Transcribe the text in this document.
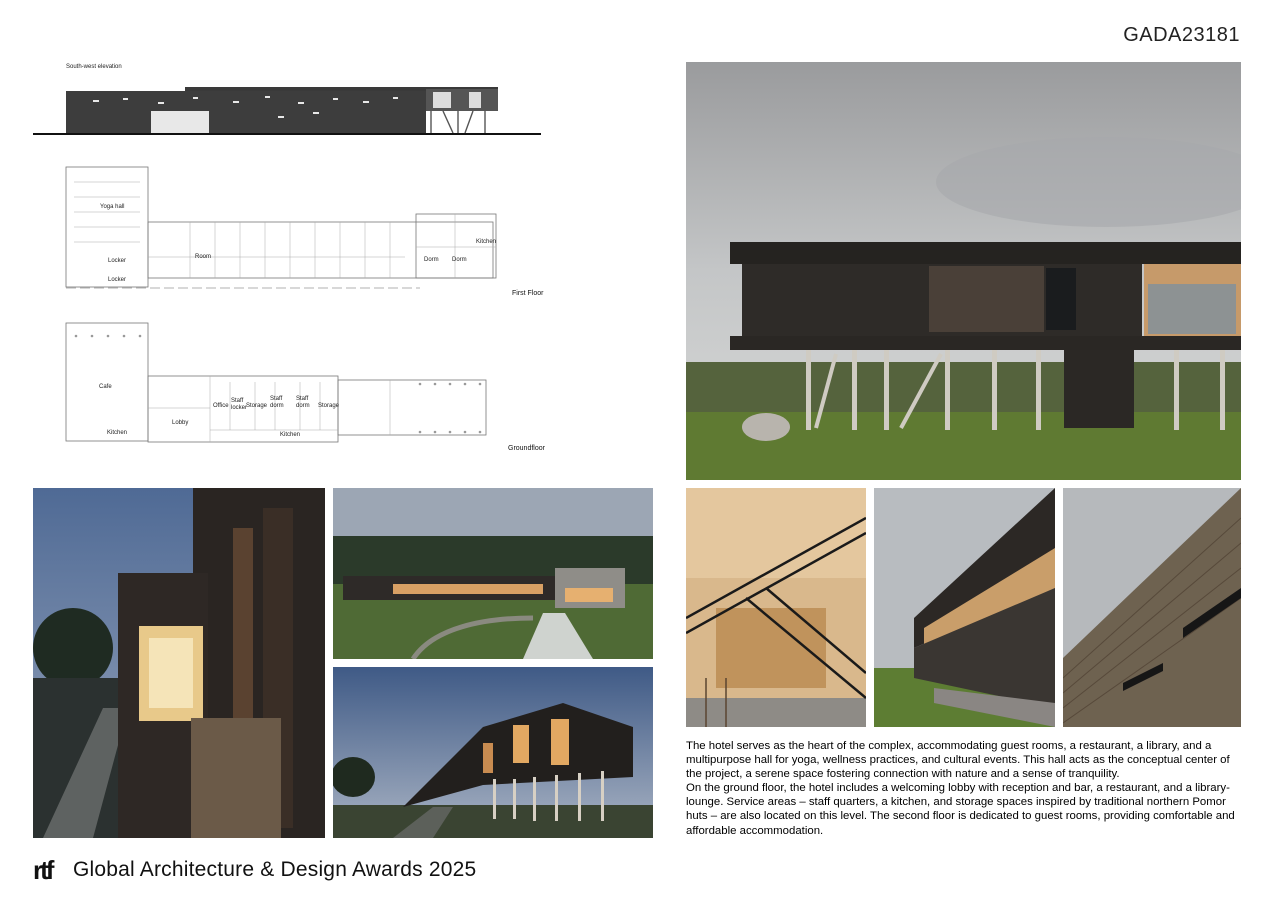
GADA23181
South-west elevation
Yoga hall
Locker
Locker
Room	Dorm Dorm
Kitchen
First Floor
Cafe
Lobby
Kitchen
Office
Staff locker
Storage
Staff dorm
Staff dorm	Storage
Kitchen
Groundfloor

The hotel serves as the heart of the complex, accommodating guest rooms, a restaurant, a library, and a multipurpose hall for yoga, wellness practices, and cultural events. This hall acts as the conceptual center of the project, a serene space fostering connection with nature and a sense of tranquility.

On the ground floor, the hotel includes a welcoming lobby with reception and bar, a restaurant, and a library-lounge. Service areas – staff quarters, a kitchen, and storage spaces inspired by traditional northern Pomor huts – are also located on this level. The second floor is dedicated to guest rooms, providing comfortable and affordable accommodation.

rtf Global Architecture & Design Awards 2025
